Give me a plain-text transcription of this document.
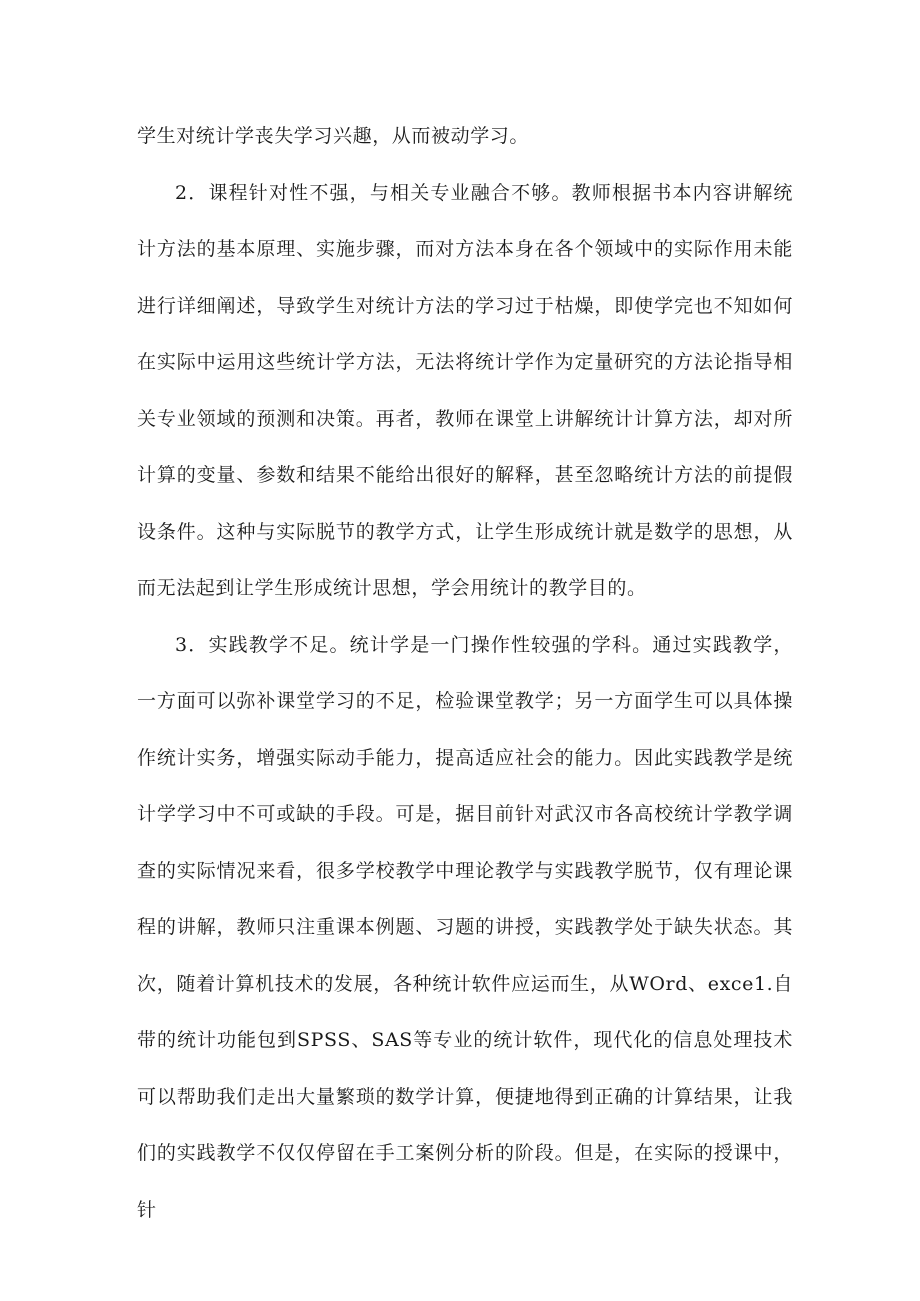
学生对统计学丧失学习兴趣，从而被动学习。

2．课程针对性不强，与相关专业融合不够。教师根据书本内容讲解统计方法的基本原理、实施步骤，而对方法本身在各个领域中的实际作用未能进行详细阐述，导致学生对统计方法的学习过于枯燥，即使学完也不知如何在实际中运用这些统计学方法，无法将统计学作为定量研究的方法论指导相关专业领域的预测和决策。再者，教师在课堂上讲解统计计算方法，却对所计算的变量、参数和结果不能给出很好的解释，甚至忽略统计方法的前提假设条件。这种与实际脱节的教学方式，让学生形成统计就是数学的思想，从而无法起到让学生形成统计思想，学会用统计的教学目的。

3．实践教学不足。统计学是一门操作性较强的学科。通过实践教学，一方面可以弥补课堂学习的不足，检验课堂教学；另一方面学生可以具体操作统计实务，增强实际动手能力，提高适应社会的能力。因此实践教学是统计学学习中不可或缺的手段。可是，据目前针对武汉市各高校统计学教学调查的实际情况来看，很多学校教学中理论教学与实践教学脱节，仅有理论课程的讲解，教师只注重课本例题、习题的讲授，实践教学处于缺失状态。其次，随着计算机技术的发展，各种统计软件应运而生，从WOrd、exce1.自带的统计功能包到SPSS、SAS等专业的统计软件，现代化的信息处理技术可以帮助我们走出大量繁琐的数学计算，便捷地得到正确的计算结果，让我们的实践教学不仅仅停留在手工案例分析的阶段。但是，在实际的授课中，针
